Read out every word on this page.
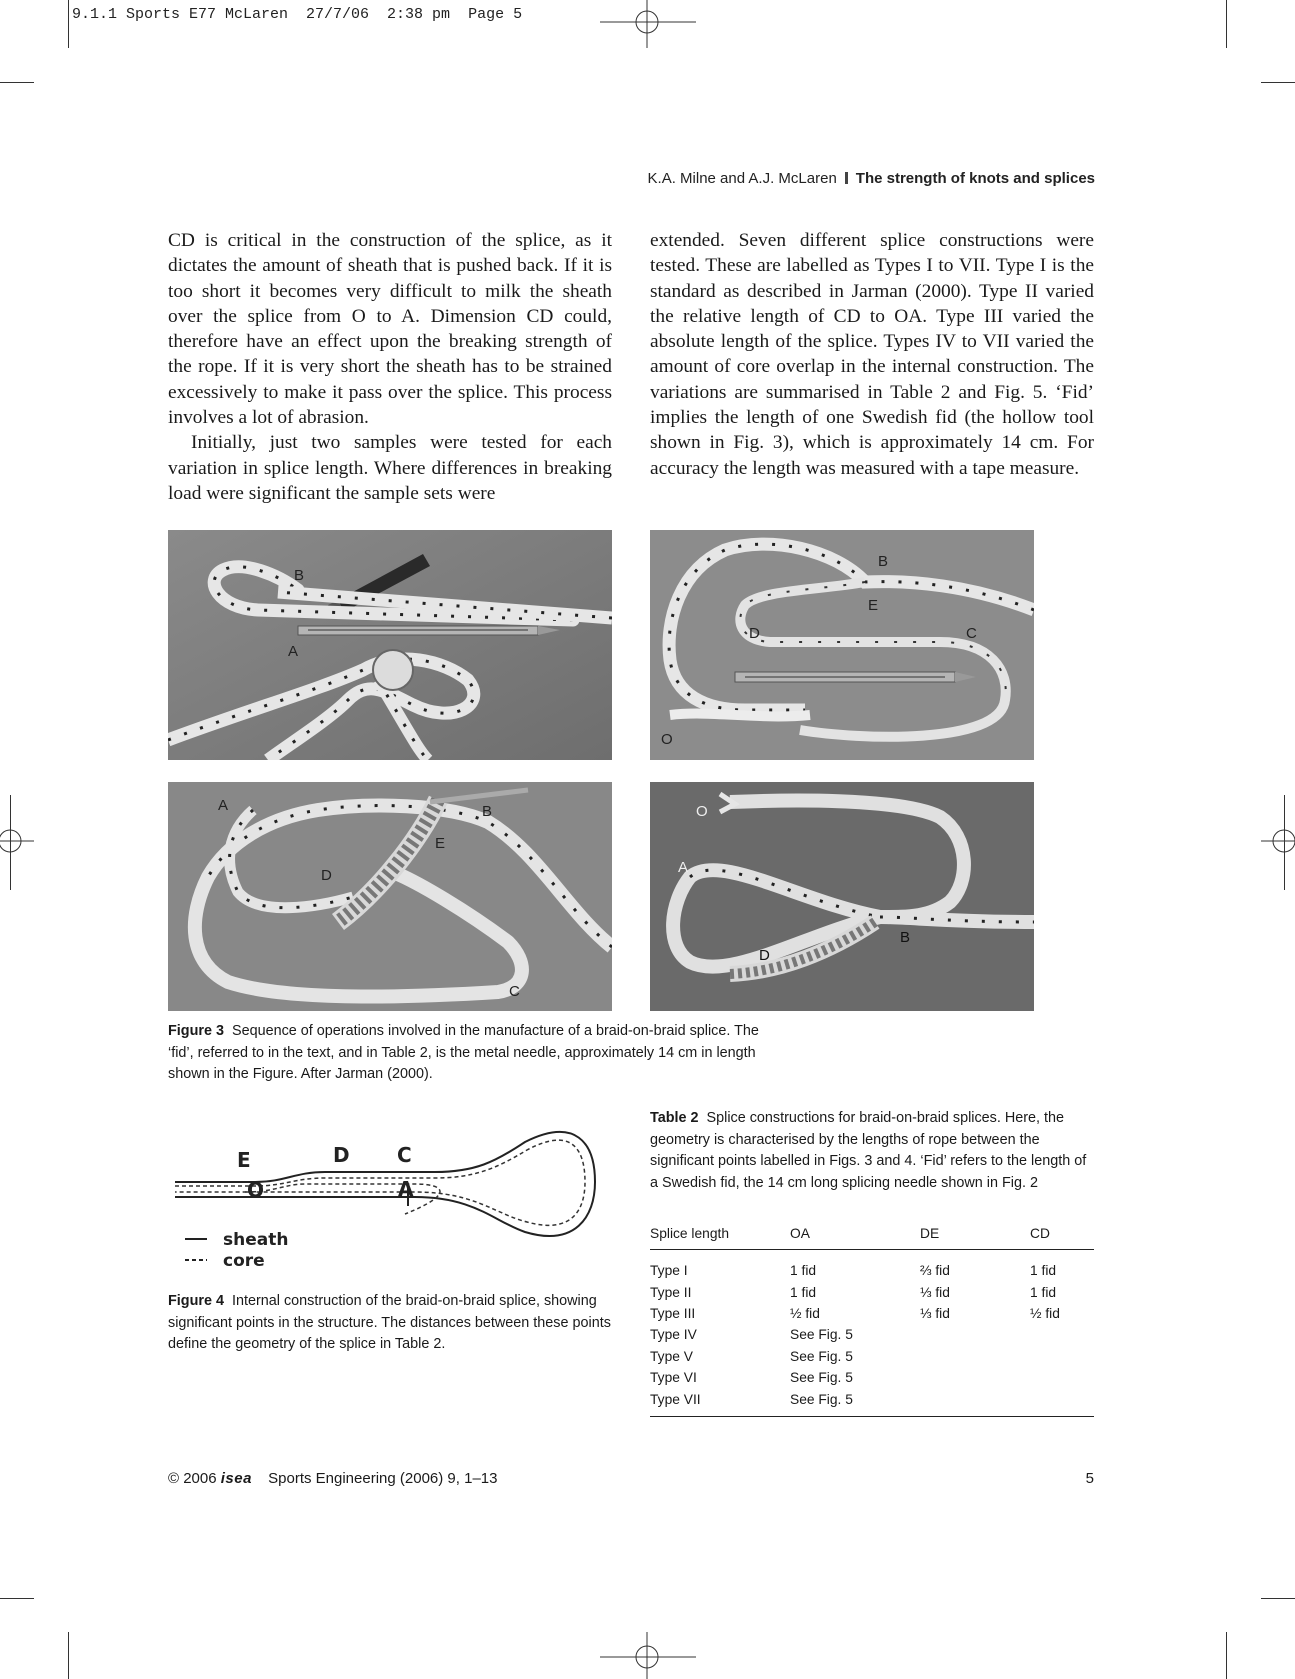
9.1.1 Sports E77 McLaren  27/7/06  2:38 pm  Page 5
K.A. Milne and A.J. McLaren The strength of knots and splices

CD is critical in the construction of the splice, as it dictates the amount of sheath that is pushed back. If it is too short it becomes very difficult to milk the sheath over the splice from O to A. Dimension CD could, therefore have an effect upon the breaking strength of the rope. If it is very short the sheath has to be strained excessively to make it pass over the splice. This process involves a lot of abrasion.

Initially, just two samples were tested for each variation in splice length. Where differences in breaking load were significant the sample sets were

extended. Seven different splice constructions were tested. These are labelled as Types I to VII. Type I is the standard as described in Jarman (2000). Type II varied the relative length of CD to OA. Type III varied the absolute length of the splice. Types IV to VII varied the amount of core overlap in the internal construction. The variations are summarised in Table 2 and Fig. 5. ‘Fid’ implies the length of one Swedish fid (the hollow tool shown in Fig. 3), which is approximately 14 cm. For accuracy the length was measured with a tape measure.

B
A
B
E
D	C
O
A	B
E
D
C
O
A
B
D
Figure 3 Sequence of operations involved in the manufacture of a braid-on-braid splice. The ‘fid’, referred to in the text, and in Table 2, is the metal needle, approximately 14 cm in length shown in the Figure. After Jarman (2000).
E	D C
O	A
sheath
core
Figure 4 Internal construction of the braid-on-braid splice, showing significant points in the structure. The distances between these points define the geometry of the splice in Table 2.
Table 2 Splice constructions for braid-on-braid splices. Here, the geometry is characterised by the lengths of rope between the significant points labelled in Figs. 3 and 4. ‘Fid’ refers to the length of a Swedish fid, the 14 cm long splicing needle shown in Fig. 2
Splice length	OA	DE	CD
Type I	1 fid	⅔ fid	1 fid
Type II	1 fid	⅓ fid	1 fid
Type III	½ fid	⅓ fid	½ fid
Type IV	See Fig. 5		
Type V	See Fig. 5		
Type VI	See Fig. 5		
Type VII	See Fig. 5		
© 2006 isea Sports Engineering (2006) 9, 1–13	5
